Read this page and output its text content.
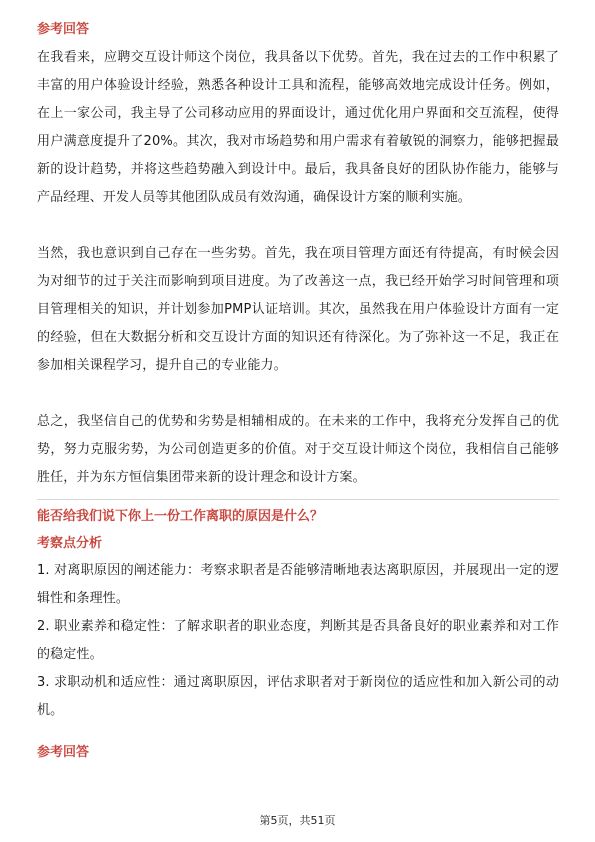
参考回答

在我看来，应聘交互设计师这个岗位，我具备以下优势。首先，我在过去的工作中积累了丰富的用户体验设计经验，熟悉各种设计工具和流程，能够高效地完成设计任务。例如，在上一家公司，我主导了公司移动应用的界面设计，通过优化用户界面和交互流程，使得用户满意度提升了20%。其次，我对市场趋势和用户需求有着敏锐的洞察力，能够把握最新的设计趋势，并将这些趋势融入到设计中。最后，我具备良好的团队协作能力，能够与产品经理、开发人员等其他团队成员有效沟通，确保设计方案的顺利实施。

当然，我也意识到自己存在一些劣势。首先，我在项目管理方面还有待提高，有时候会因为对细节的过于关注而影响到项目进度。为了改善这一点，我已经开始学习时间管理和项目管理相关的知识，并计划参加PMP认证培训。其次，虽然我在用户体验设计方面有一定的经验，但在大数据分析和交互设计方面的知识还有待深化。为了弥补这一不足，我正在参加相关课程学习，提升自己的专业能力。

总之，我坚信自己的优势和劣势是相辅相成的。在未来的工作中，我将充分发挥自己的优势，努力克服劣势，为公司创造更多的价值。对于交互设计师这个岗位，我相信自己能够胜任，并为东方恒信集团带来新的设计理念和设计方案。

能否给我们说下你上一份工作离职的原因是什么？
考察点分析

1. 对离职原因的阐述能力：考察求职者是否能够清晰地表达离职原因，并展现出一定的逻辑性和条理性。

2. 职业素养和稳定性：了解求职者的职业态度，判断其是否具备良好的职业素养和对工作的稳定性。

3. 求职动机和适应性：通过离职原因，评估求职者对于新岗位的适应性和加入新公司的动机。

参考回答
第5页，共51页
